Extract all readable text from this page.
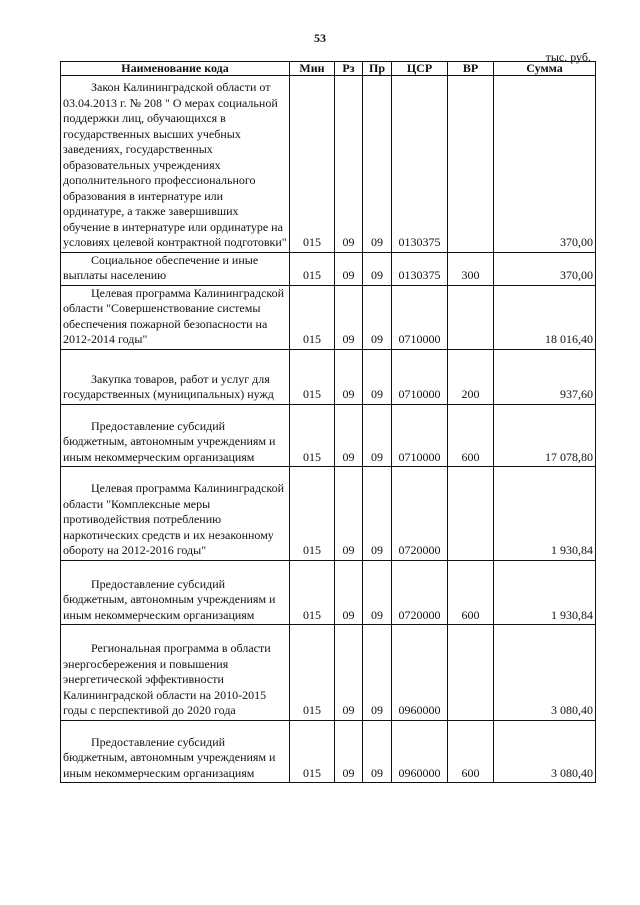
53
тыс. руб.
Наименование кода	Мин	Рз	Пр	ЦСР	ВР	Сумма

Закон Калининградской области от 03.04.2013 г. № 208 " О мерах социальной поддержки лиц, обучающихся в государственных высших учебных заведениях, государственных образовательных учреждениях дополнительного профессионального образования в интернатуре или ординатуре, а также завершивших обучение в интернатуре или ординатуре на условиях целевой контрактной подготовки"	015	09	09	0130375		370,00

Социальное обеспечение и иные выплаты населению	015	09	09	0130375	300	370,00

Целевая программа Калининградской области "Совершенствование системы обеспечения пожарной безопасности на 2012-2014 годы"	015	09	09	0710000		18 016,40

Закупка товаров, работ и услуг для государственных (муниципальных) нужд	015	09	09	0710000	200	937,60

Предоставление субсидий бюджетным, автономным учреждениям и иным некоммерческим организациям	015	09	09	0710000	600	17 078,80

Целевая программа Калининградской области "Комплексные меры противодействия потреблению наркотических средств и их незаконному обороту на 2012-2016 годы"	015	09	09	0720000		1 930,84

Предоставление субсидий бюджетным, автономным учреждениям и иным некоммерческим организациям	015	09	09	0720000	600	1 930,84

Региональная программа в области энергосбережения и повышения энергетической эффективности Калининградской области на 2010-2015 годы с перспективой до 2020 года	015	09	09	0960000		3 080,40

Предоставление субсидий бюджетным, автономным учреждениям и иным некоммерческим организациям	015	09	09	0960000	600	3 080,40
